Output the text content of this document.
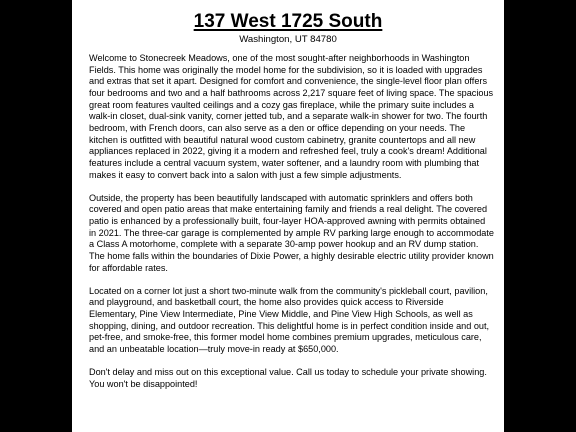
137 West 1725 South
Washington, UT 84780

Welcome to Stonecreek Meadows, one of the most sought-after neighborhoods in Washington Fields. This home was originally the model home for the subdivision, so it is loaded with upgrades and extras that set it apart. Designed for comfort and convenience, the single-level floor plan offers four bedrooms and two and a half bathrooms across 2,217 square feet of living space. The spacious great room features vaulted ceilings and a cozy gas fireplace, while the primary suite includes a walk-in closet, dual-sink vanity, corner jetted tub, and a separate walk-in shower for two. The fourth bedroom, with French doors, can also serve as a den or office depending on your needs. The kitchen is outfitted with beautiful natural wood custom cabinetry, granite countertops and all new appliances replaced in 2022, giving it a modern and refreshed feel, truly a cook's dream! Additional features include a central vacuum system, water softener, and a laundry room with plumbing that makes it easy to convert back into a salon with just a few simple adjustments.

Outside, the property has been beautifully landscaped with automatic sprinklers and offers both covered and open patio areas that make entertaining family and friends a real delight. The covered patio is enhanced by a professionally built, four-layer HOA-approved awning with permits obtained in 2021. The three-car garage is complemented by ample RV parking large enough to accommodate a Class A motorhome, complete with a separate 30-amp power hookup and an RV dump station. The home falls within the boundaries of Dixie Power, a highly desirable electric utility provider known for affordable rates.

Located on a corner lot just a short two-minute walk from the community's pickleball court, pavilion, and playground, and basketball court, the home also provides quick access to Riverside Elementary, Pine View Intermediate, Pine View Middle, and Pine View High Schools, as well as shopping, dining, and outdoor recreation. This delightful home is in perfect condition inside and out, pet-free, and smoke-free, this former model home combines premium upgrades, meticulous care, and an unbeatable location—truly move-in ready at $650,000.

Don't delay and miss out on this exceptional value. Call us today to schedule your private showing. You won't be disappointed!
